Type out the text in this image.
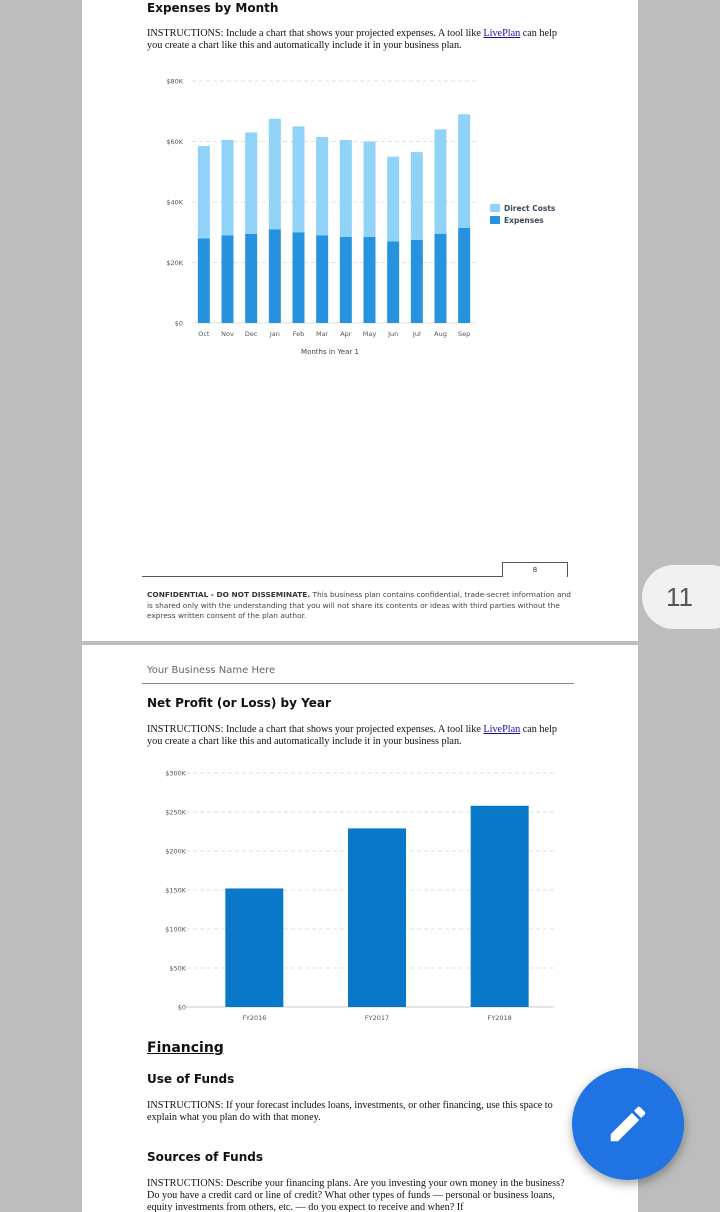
Expenses by Month
INSTRUCTIONS: Include a chart that shows your projected expenses. A tool like LivePlan can help you create a chart like this and automatically include it in your business plan.
$0
$20K
$40K
$60K
$80K
Oct Nov Dec Jan Feb Mar Apr May Jun Jul Aug Sep
Months in Year 1
Direct Costs
Expenses
8
CONFIDENTIAL - DO NOT DISSEMINATE. This business plan contains confidential, trade-secret information and is shared only with the understanding that you will not share its contents or ideas with third parties without the express written consent of the plan author.
Your Business Name Here
Net Profit (or Loss) by Year
INSTRUCTIONS: Include a chart that shows your projected expenses. A tool like LivePlan can help you create a chart like this and automatically include it in your business plan.
$0
$50K
$100K
$150K
$200K
$250K
$300K
FY2016	FY2017	FY2018
Financing
Use of Funds
INSTRUCTIONS: If your forecast includes loans, investments, or other financing, use this space to explain what you plan do with that money.
Sources of Funds
INSTRUCTIONS: Describe your financing plans. Are you investing your own money in the business? Do you have a credit card or line of credit? What other types of funds — personal or business loans, equity investments from others, etc. — do you expect to receive and when? If
11
